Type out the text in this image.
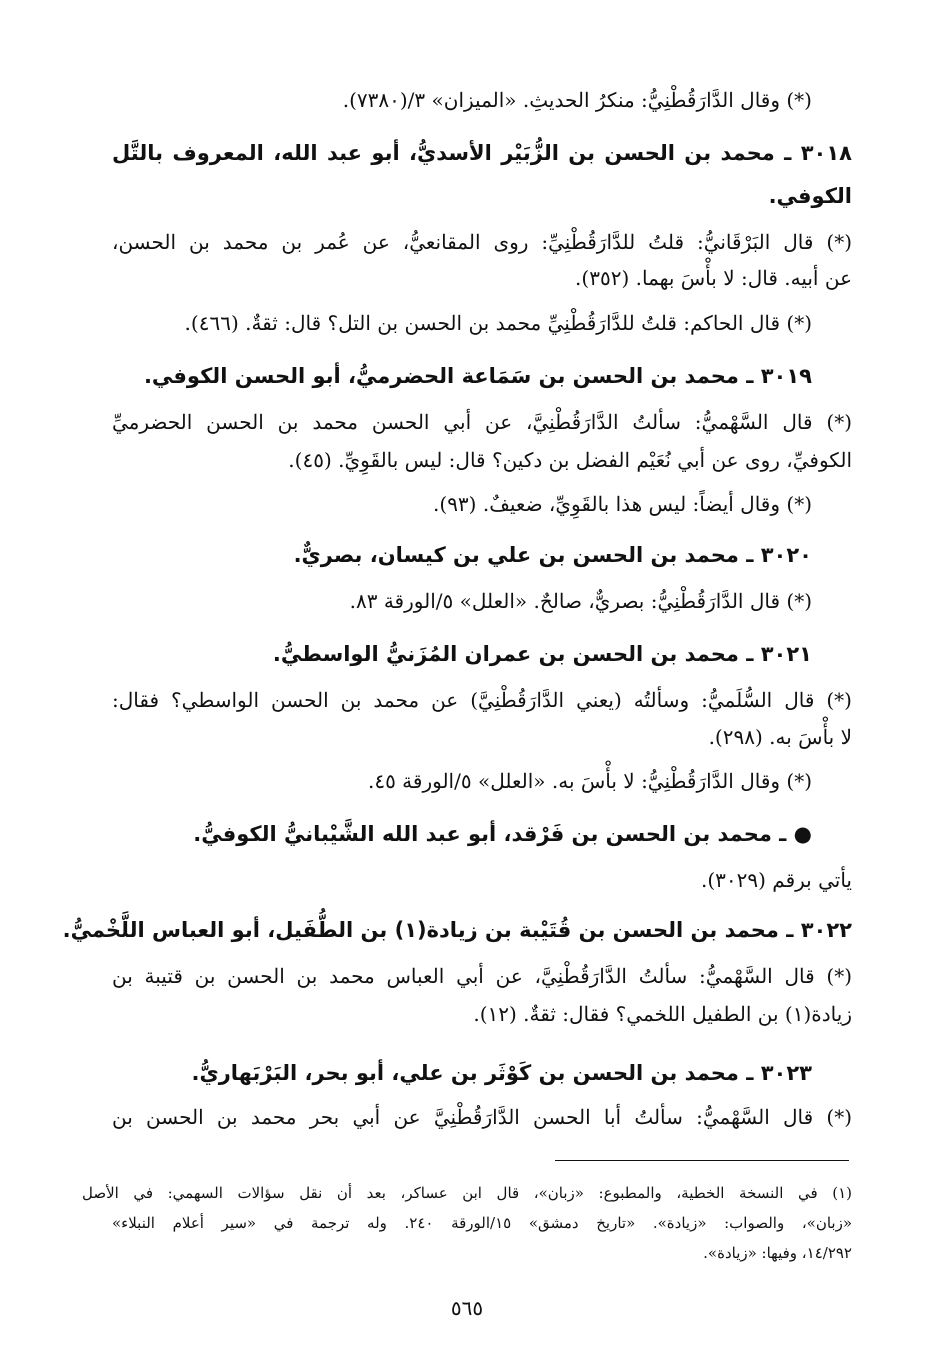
(*) وقال الدَّارَقُطْنِيُّ: منكرُ الحديثِ. «الميزان» ٣/(٧٣٨٠).
٣٠١٨ ـ محمد بن الحسن بن الزُّبَيْر الأسديُّ، أبو عبد الله، المعروف بالتَّل
الكوفي.
(*) قال البَرْقَانيُّ: قلتُ للدَّارَقُطْنِيِّ: روى المقانعيُّ، عن عُمر بن محمد بن الحسن،
عن أبيه. قال: لا بأْسَ بهما. (٣٥٢).
(*) قال الحاكم: قلتُ للدَّارَقُطْنِيِّ محمد بن الحسن بن التل؟ قال: ثقةٌ. (٤٦٦).
٣٠١٩ ـ محمد بن الحسن بن سَمَاعة الحضرميُّ، أبو الحسن الكوفي.
(*) قال السَّهْميُّ: سألتُ الدَّارَقُطْنِيَّ، عن أبي الحسن محمد بن الحسن الحضرميِّ
الكوفيِّ، روى عن أبي نُعَيْم الفضل بن دكين؟ قال: ليس بالقَوِيِّ. (٤٥).
(*) وقال أيضاً: ليس هذا بالقَوِيِّ، ضعيفٌ. (٩٣).
٣٠٢٠ ـ محمد بن الحسن بن علي بن كيسان، بصريٌّ.
(*) قال الدَّارَقُطْنِيُّ: بصريٌّ، صالحٌ. «العلل» ٥/الورقة ٨٣.
٣٠٢١ ـ محمد بن الحسن بن عمران المُزَنيُّ الواسطيُّ.
(*) قال السُّلَميُّ: وسألتُه (يعني الدَّارَقُطْنِيَّ) عن محمد بن الحسن الواسطي؟ فقال:
لا بأْسَ به. (٢٩٨).
(*) وقال الدَّارَقُطْنِيُّ: لا بأْسَ به. «العلل» ٥/الورقة ٤٥.
● ـ محمد بن الحسن بن فَرْقد، أبو عبد الله الشَّيْبانيُّ الكوفيُّ.
يأتي برقم (٣٠٢٩).
٣٠٢٢ ـ محمد بن الحسن بن قُتَيْبة بن زيادة(١) بن الطُّفَيل، أبو العباس اللَّخْميُّ.
(*) قال السَّهْميُّ: سألتُ الدَّارَقُطْنِيَّ، عن أبي العباس محمد بن الحسن بن قتيبة بن
زيادة(١) بن الطفيل اللخمي؟ فقال: ثقةٌ. (١٢).
٣٠٢٣ ـ محمد بن الحسن بن كَوْثَر بن علي، أبو بحر، البَرْبَهاريُّ.
(*) قال السَّهْميُّ: سألتُ أبا الحسن الدَّارَقُطْنِيَّ عن أبي بحر محمد بن الحسن بن
(١) في النسخة الخطية، والمطبوع: «زبان»، قال ابن عساكر، بعد أن نقل سؤالات السهمي: في الأصل
«زبان»، والصواب: «زيادة». «تاريخ دمشق» ١٥/الورقة ٢٤٠. وله ترجمة في «سير أعلام النبلاء»
١٤/٢٩٢، وفيها: «زيادة».
٥٦٥
